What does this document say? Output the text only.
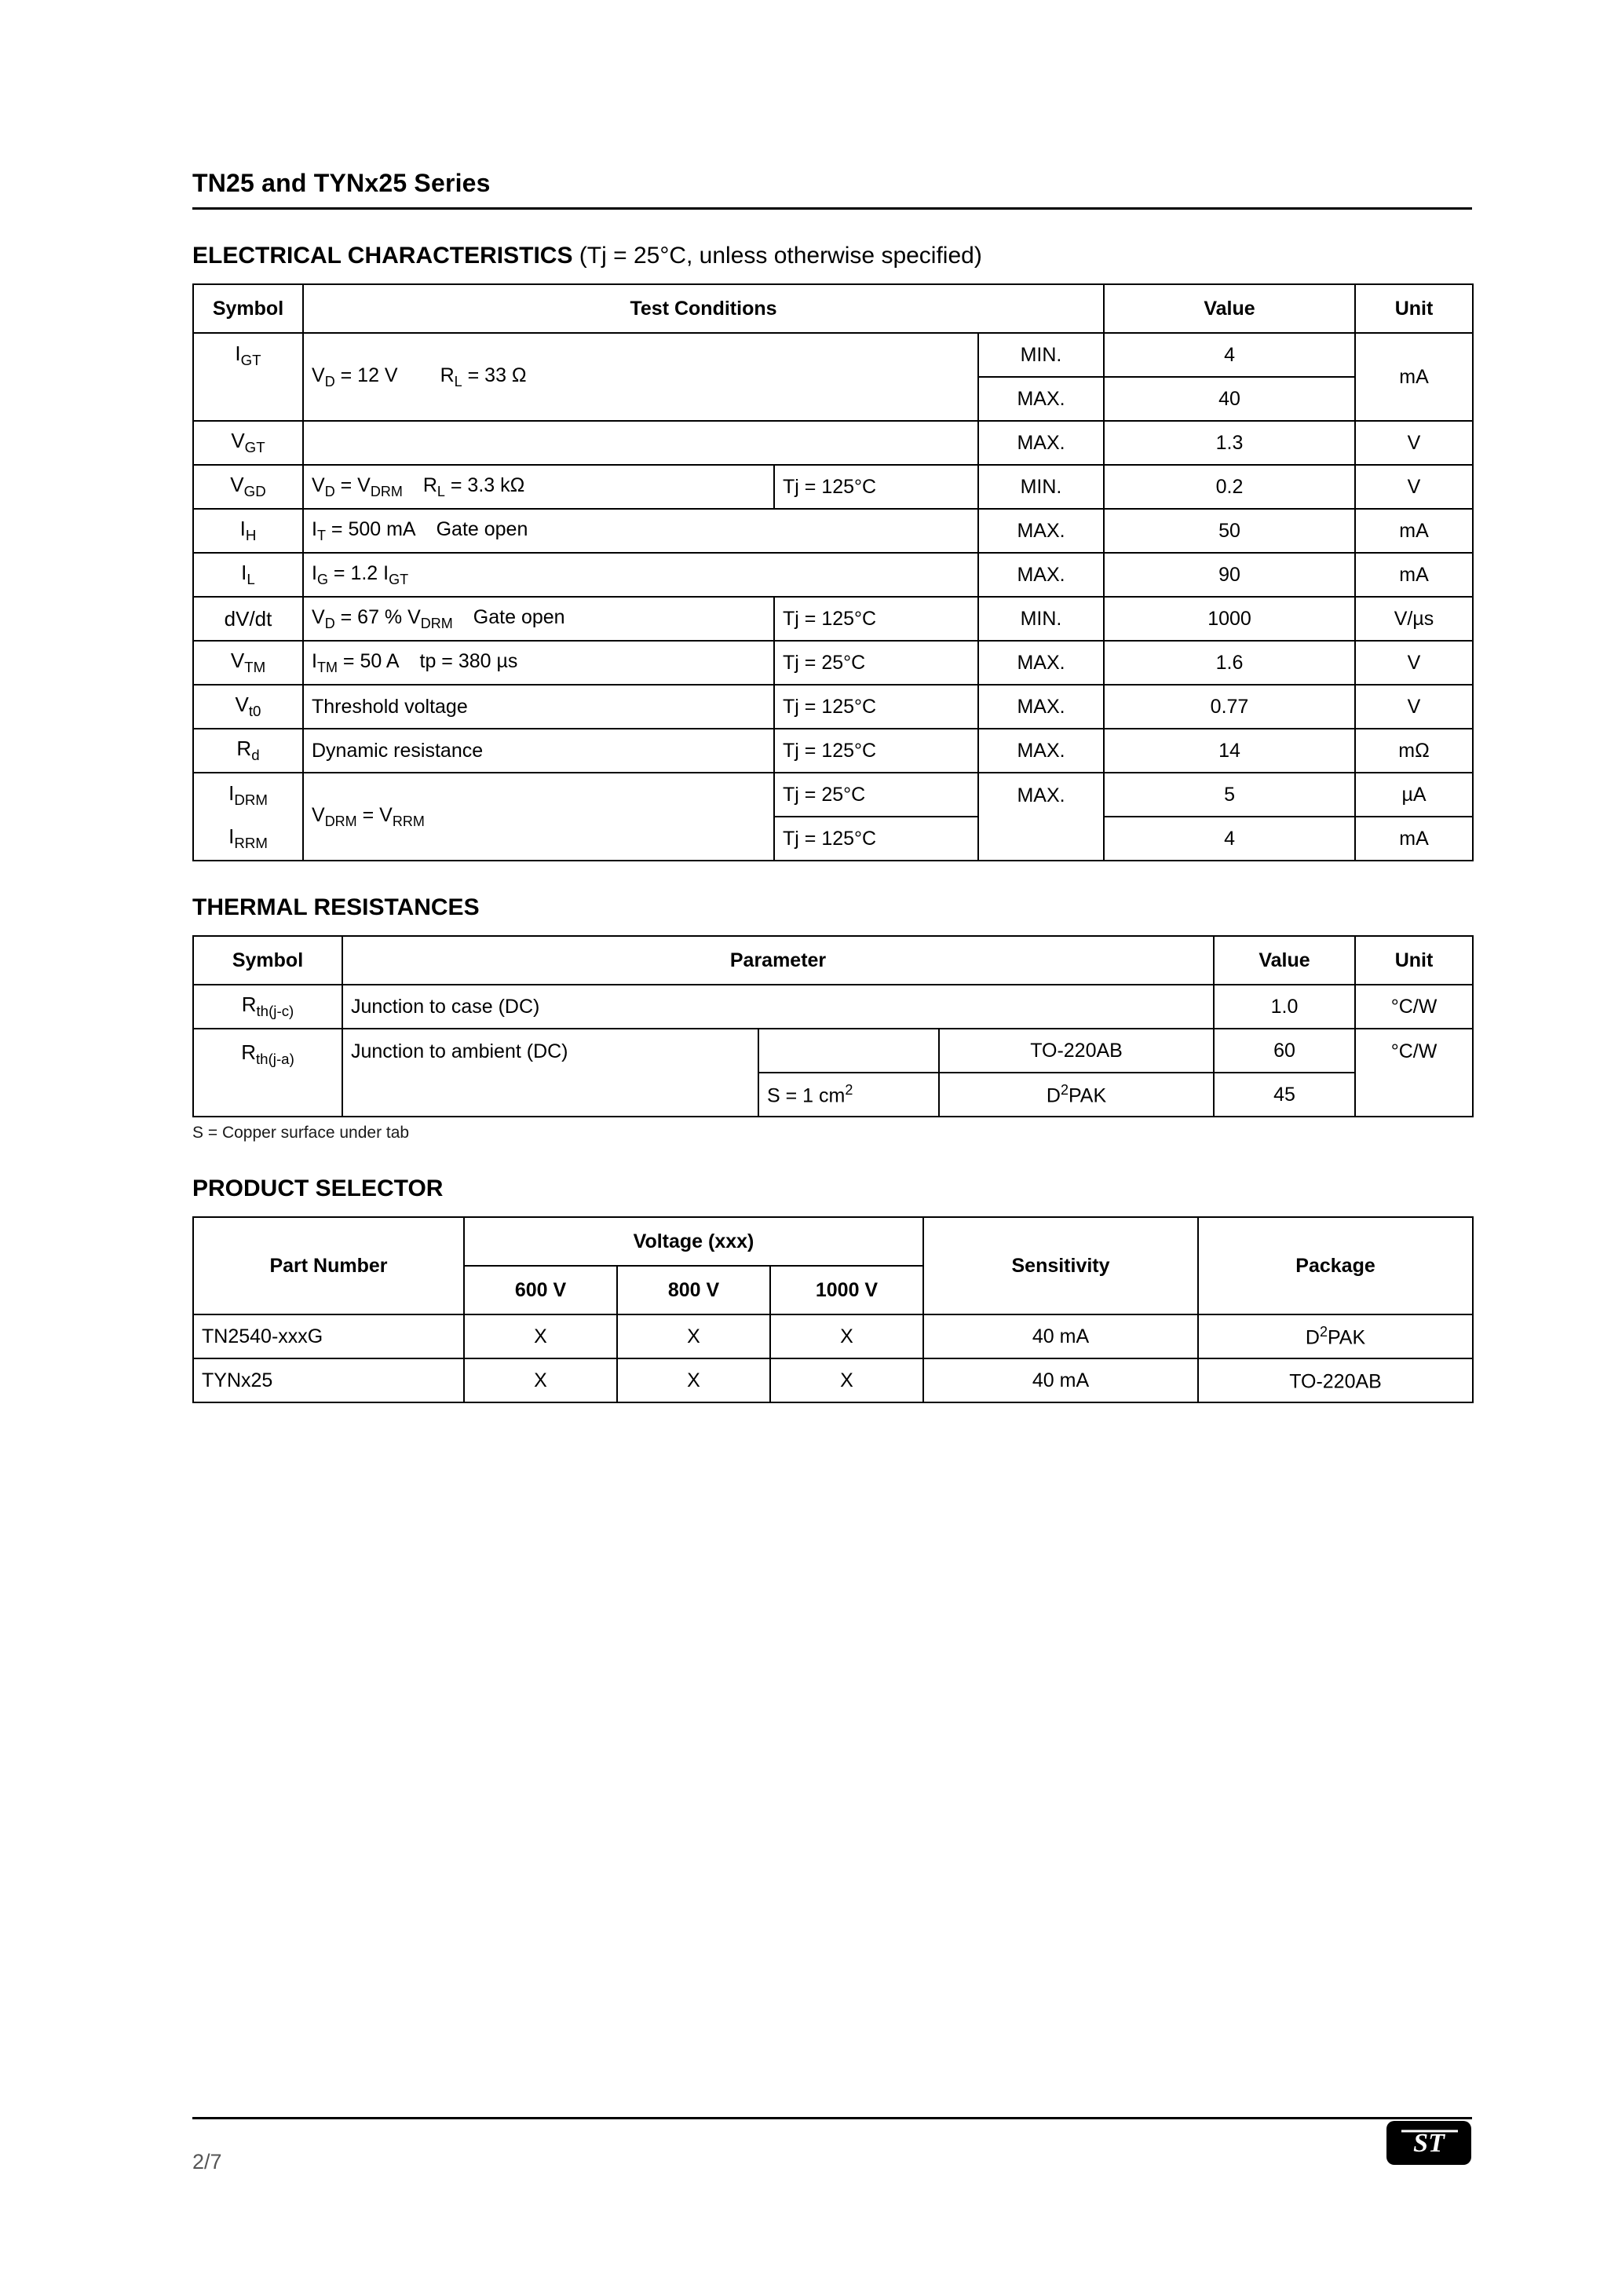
TN25 and TYNx25 Series
ELECTRICAL CHARACTERISTICS (Tj = 25°C, unless otherwise specified)
Symbol	Test Conditions			Value	Unit
$I_{GT}$	$V_D = 12$ V $R_L = 33$ Ω		MIN.	4	mA
			MAX.	40	
$V_{GT}$			MAX.	1.3	V
$V_{GD}$	$V_D = V_{DRM}$ $R_L = 3.3$ kΩ	Tj = 125°C	MIN.	0.2	V
$I_H$	$I_T = 500$ mA Gate open		MAX.	50	mA
$I_L$	$I_G = 1.2$ $I_{GT}$		MAX.	90	mA
dV/dt	$V_D = 67$ % $V_{DRM}$ Gate open	Tj = 125°C	MIN.	1000	V/µs
$V_{TM}$	$I_{TM} = 50$ A tp = 380 µs	Tj = 25°C	MAX.	1.6	V
$V_{t0}$	Threshold voltage	Tj = 125°C	MAX.	0.77	V
$R_d$	Dynamic resistance	Tj = 125°C	MAX.	14	mΩ
$I_{DRM}$	$V_{DRM} = V_{RRM}$	Tj = 25°C	MAX.	5	µA
$I_{RRM}$		Tj = 125°C		4	mA
THERMAL RESISTANCES
Symbol	Parameter			Value	Unit
$R_{th(j-c)}$	Junction to case (DC)			1.0	°C/W
$R_{th(j-a)}$	Junction to ambient (DC)		TO-220AB	60	°C/W
		S = 1 $cm^2$	$D^2PAK$	45	
S = Copper surface under tab
PRODUCT SELECTOR
Part Number	Voltage (xxx)			Sensitivity	Package
	600 V	800 V	1000 V		
TN2540-xxxG	X	X	X	40 mA	$D^2PAK$
TYNx25	X	X	X	40 mA	TO-220AB
2/7
ST
